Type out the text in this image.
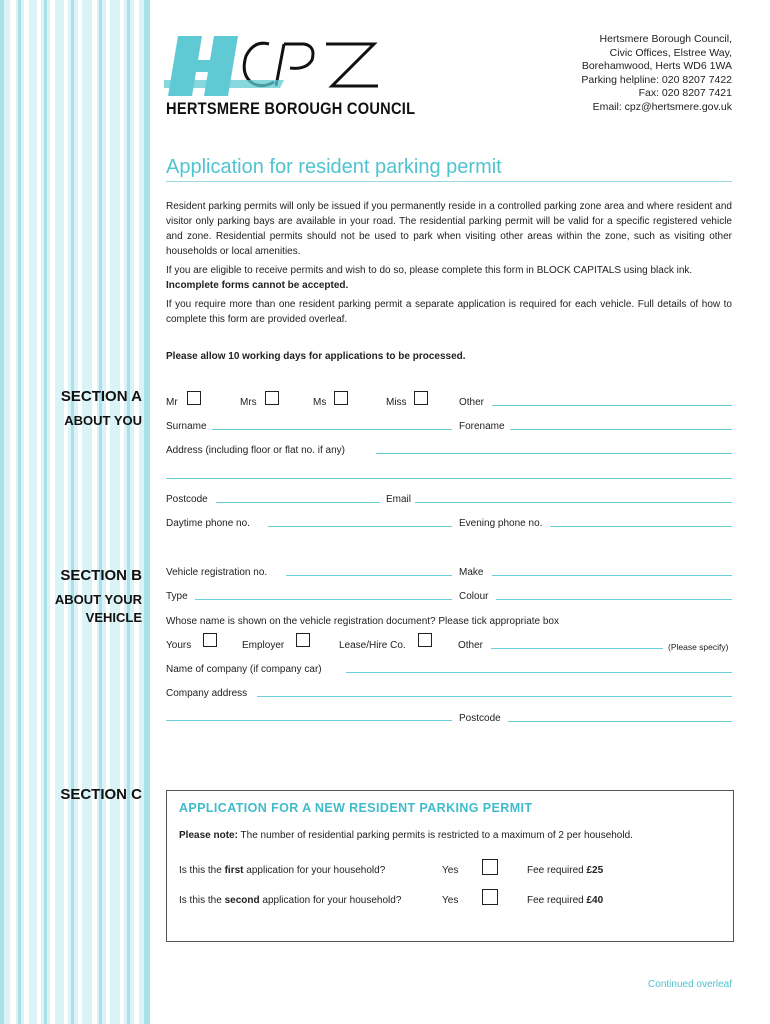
HERTSMERE BOROUGH COUNCIL
Hertsmere Borough Council,
Civic Offices, Elstree Way,
Borehamwood, Herts WD6 1WA
Parking helpline: 020 8207 7422
Fax: 020 8207 7421
Email: cpz@hertsmere.gov.uk
Application for resident parking permit
Resident parking permits will only be issued if you permanently reside in a controlled parking zone area and where resident and visitor only parking bays are available in your road. The residential parking permit will be valid for a specific registered vehicle and zone. Residential permits should not be used to park when visiting other areas within the zone, such as visiting other households or local amenities.
If you are eligible to receive permits and wish to do so, please complete this form in BLOCK CAPITALS using black ink.
Incomplete forms cannot be accepted.
If you require more than one resident parking permit a separate application is required for each vehicle. Full details of how to complete this form are provided overleaf.
Please allow 10 working days for applications to be processed.
SECTION A
ABOUT YOU
Mr	Mrs	Ms	Miss	Other
Surname	Forename
Address (including floor or flat no. if any)
Postcode	Email
Daytime phone no.	Evening phone no.
SECTION B
ABOUT YOUR
VEHICLE
Vehicle registration no.	Make
Type	Colour
Whose name is shown on the vehicle registration document? Please tick appropriate box
Yours	Employer	Lease/Hire Co.	Other	(Please specify)
Name of company (if company car)
Company address
Postcode
SECTION C
APPLICATION FOR A NEW RESIDENT PARKING PERMIT
Please note: The number of residential parking permits is restricted to a maximum of 2 per household.
Is this the first application for your household?	Yes	Fee required £25
Is this the second application for your household?	Yes	Fee required £40
Continued overleaf
